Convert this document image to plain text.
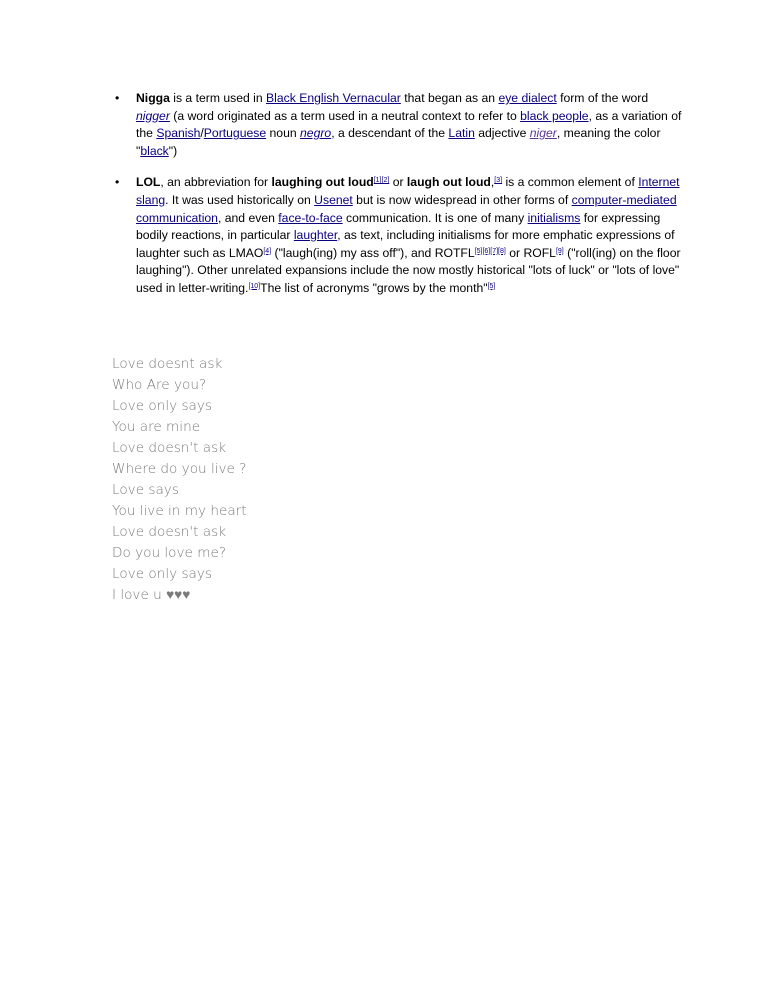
• Nigga is a term used in Black English Vernacular that began as an eye dialect form of the word nigger (a word originated as a term used in a neutral context to refer to black people, as a variation of the Spanish/Portuguese noun negro, a descendant of the Latin adjective niger, meaning the color "black")
• LOL, an abbreviation for laughing out loud[1][2] or laugh out loud,[3] is a common element of Internet slang. It was used historically on Usenet but is now widespread in other forms of computer-mediated communication, and even face-to-face communication. It is one of many initialisms for expressing bodily reactions, in particular laughter, as text, including initialisms for more emphatic expressions of laughter such as LMAO[4] ("laugh(ing) my ass off"), and ROTFL[5][6][7][8] or ROFL[9] ("roll(ing) on the floor laughing"). Other unrelated expansions include the now mostly historical "lots of luck" or "lots of love" used in letter-writing.[10]The list of acronyms "grows by the month"[5]
Love doesnt ask
Who Are you?
Love only says
You are mine
Love doesn't ask
Where do you live ?
Love says
You live in my heart
Love doesn't ask
Do you love me?
Love only says
I love u ♥♥♥
